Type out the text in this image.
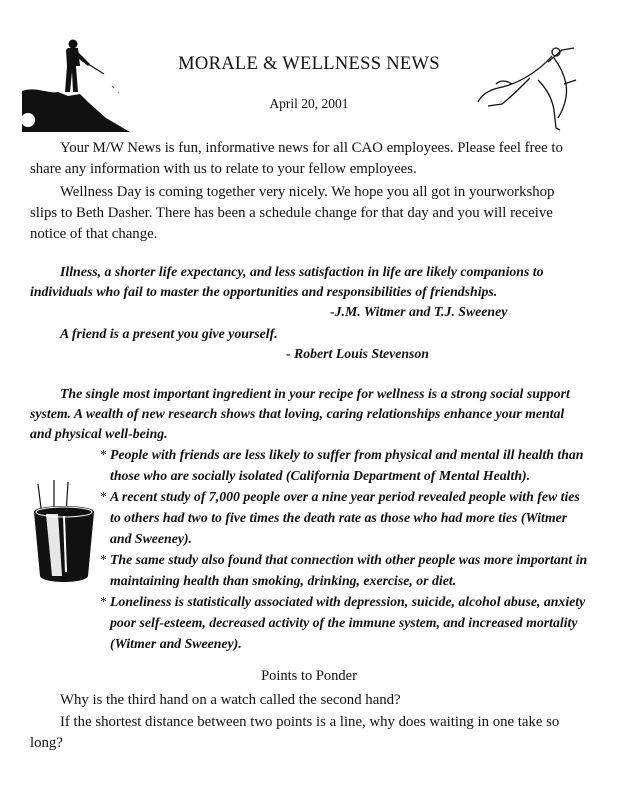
MORALE & WELLNESS NEWS
April 20, 2001

Your M/W News is fun, informative news for all CAO employees. Please feel free to share any information with us to relate to your fellow employees.

Wellness Day is coming together very nicely. We hope you all got in yourworkshop slips to Beth Dasher. There has been a schedule change for that day and you will receive notice of that change.

Illness, a shorter life expectancy, and less satisfaction in life are likely companions to individuals who fail to master the opportunities and responsibilities of friendships.

-J.M. Witmer and T.J. Sweeney
A friend is a present you give yourself.
- Robert Louis Stevenson

The single most important ingredient in your recipe for wellness is a strong social support system. A wealth of new research shows that loving, caring relationships enhance your mental and physical well-being.

* People with friends are less likely to suffer from physical and mental ill health than those who are socially isolated (California Department of Mental Health).

* A recent study of 7,000 people over a nine year period revealed people with few ties to others had two to five times the death rate as those who had more ties (Witmer and Sweeney).

* The same study also found that connection with other people was more important in maintaining health than smoking, drinking, exercise, or diet.

* Loneliness is statistically associated with depression, suicide, alcohol abuse, anxiety poor self-esteem, decreased activity of the immune system, and increased mortality (Witmer and Sweeney).

Points to Ponder

Why is the third hand on a watch called the second hand?

If the shortest distance between two points is a line, why does waiting in one take so long?
